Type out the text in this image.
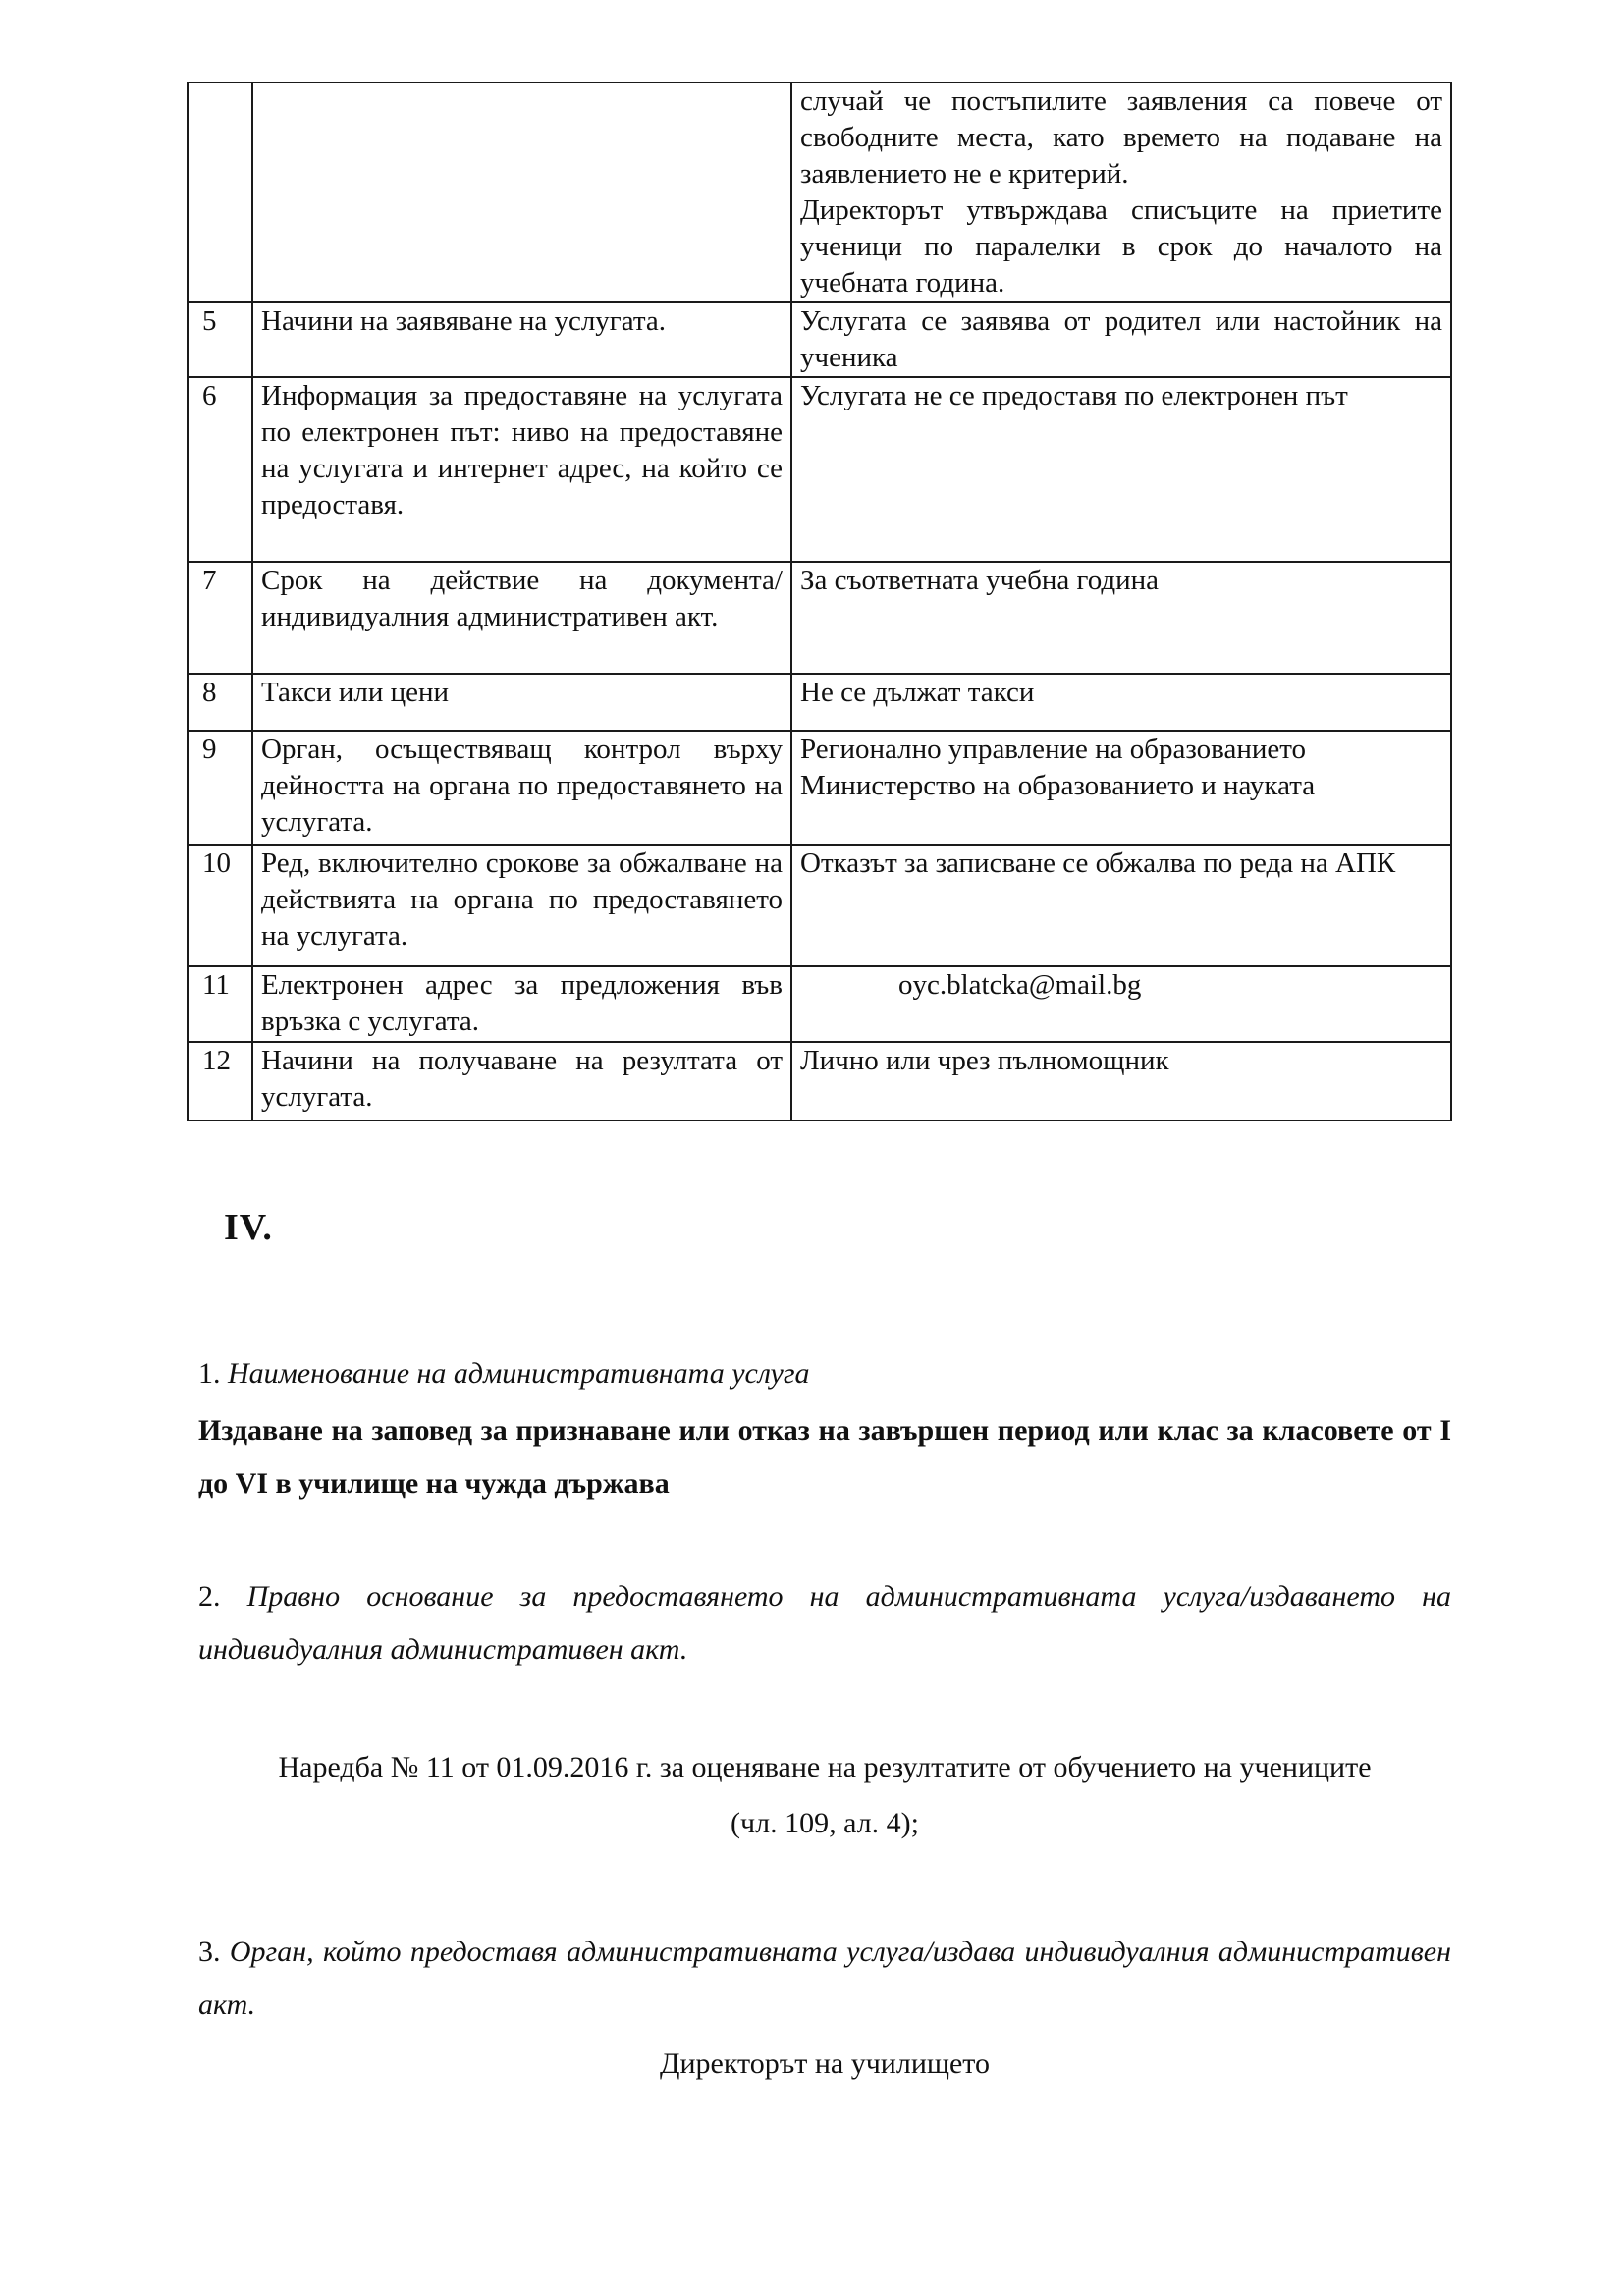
		случай че постъпилите заявления са повече от свободните места, като времето на подаване на заявлението не е критерий.
Директорът утвърждава списъците на приетите ученици по паралелки в срок до началото на учебната година.

5	Начини на заявяване на услугата.	Услугата се заявява от родител или настойник на ученика

6	Информация за предоставяне на услугата по електронен път: ниво на предоставяне на услугата и интернет адрес, на който се предоставя.	Услугата не се предоставя по електронен път

7	Срок на действие на документа/индивидуалния административен акт.	За съответната учебна година

8	Такси или цени	Не се дължат такси

9	Орган, осъществяващ контрол върху дейността на органа по предоставянето на услугата.	Регионално управление на образованието
Министерство на образованието и науката

10	Ред, включително срокове за обжалване на действията на органа по предоставянето на услугата.	Отказът за записване се обжалва по реда на АПК

11	Електронен адрес за предложения във връзка с услугата.	oyc.blatcka@mail.bg

12	Начини на получаване на резултата от услугата.	Лично или чрез пълномощник
IV.
1. Наименование на административната услуга
Издаване на заповед за признаване или отказ на завършен период или клас за класовете от I до VI в училище на чужда държава
2. Правно основание за предоставянето на административната услуга/издаването на индивидуалния административен акт.
Наредба № 11 от 01.09.2016 г. за оценяване на резултатите от обучението на учениците
(чл. 109, ал. 4);
3. Орган, който предоставя административната услуга/издава индивидуалния административен акт.
Директорът на училището
